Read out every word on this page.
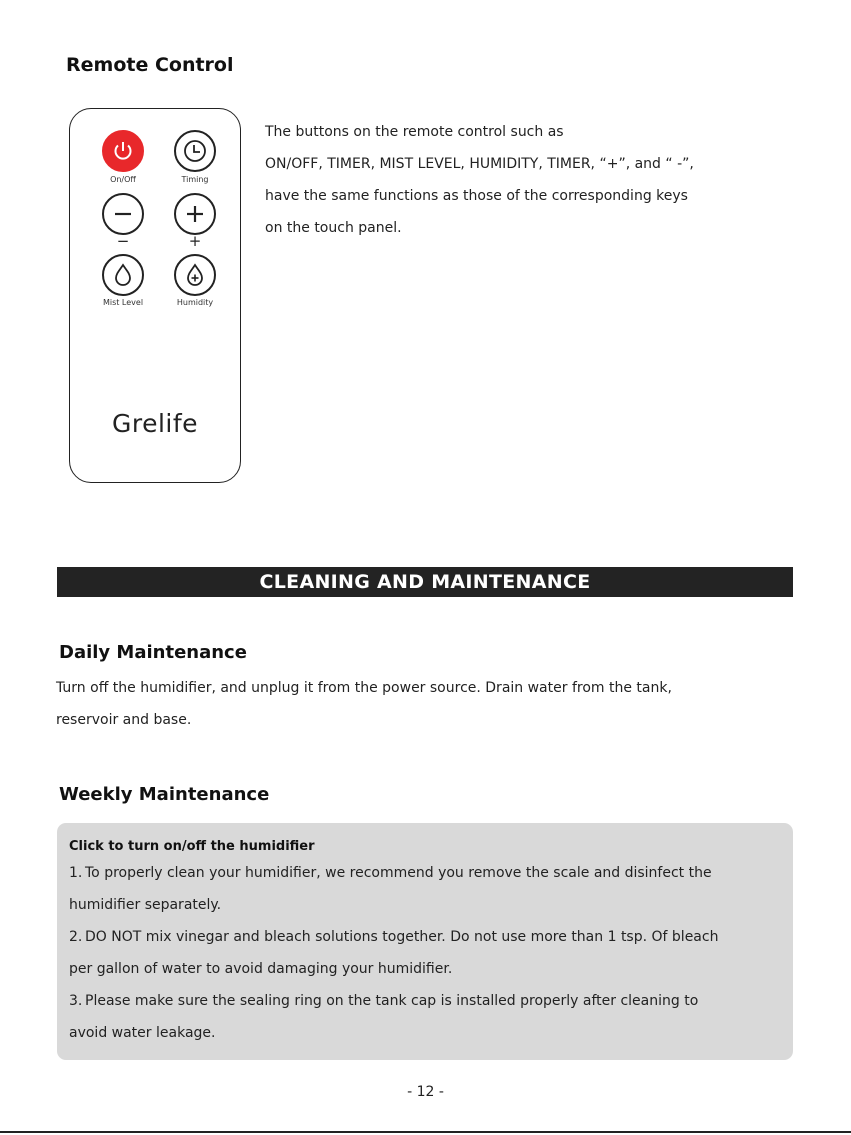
Remote Control
On/Off	Timing
−	+
Mist Level	Humidity
Grelife

The buttons on the remote control such as

ON/OFF, TIMER, MIST LEVEL, HUMIDITY, TIMER, “+”, and “ -”,

have the same functions as those of the corresponding keys

on the touch panel.

CLEANING AND MAINTENANCE
Daily Maintenance
Turn off the humidifier, and unplug it from the power source. Drain water from the tank,
reservoir and base.
Weekly Maintenance
Click to turn on/off the humidifier
1. To properly clean your humidifier, we recommend you remove the scale and disinfect the
humidifier separately.
2. DO NOT mix vinegar and bleach solutions together. Do not use more than 1 tsp. Of bleach
per gallon of water to avoid damaging your humidifier.
3. Please make sure the sealing ring on the tank cap is installed properly after cleaning to
avoid water leakage.
- 12 -
